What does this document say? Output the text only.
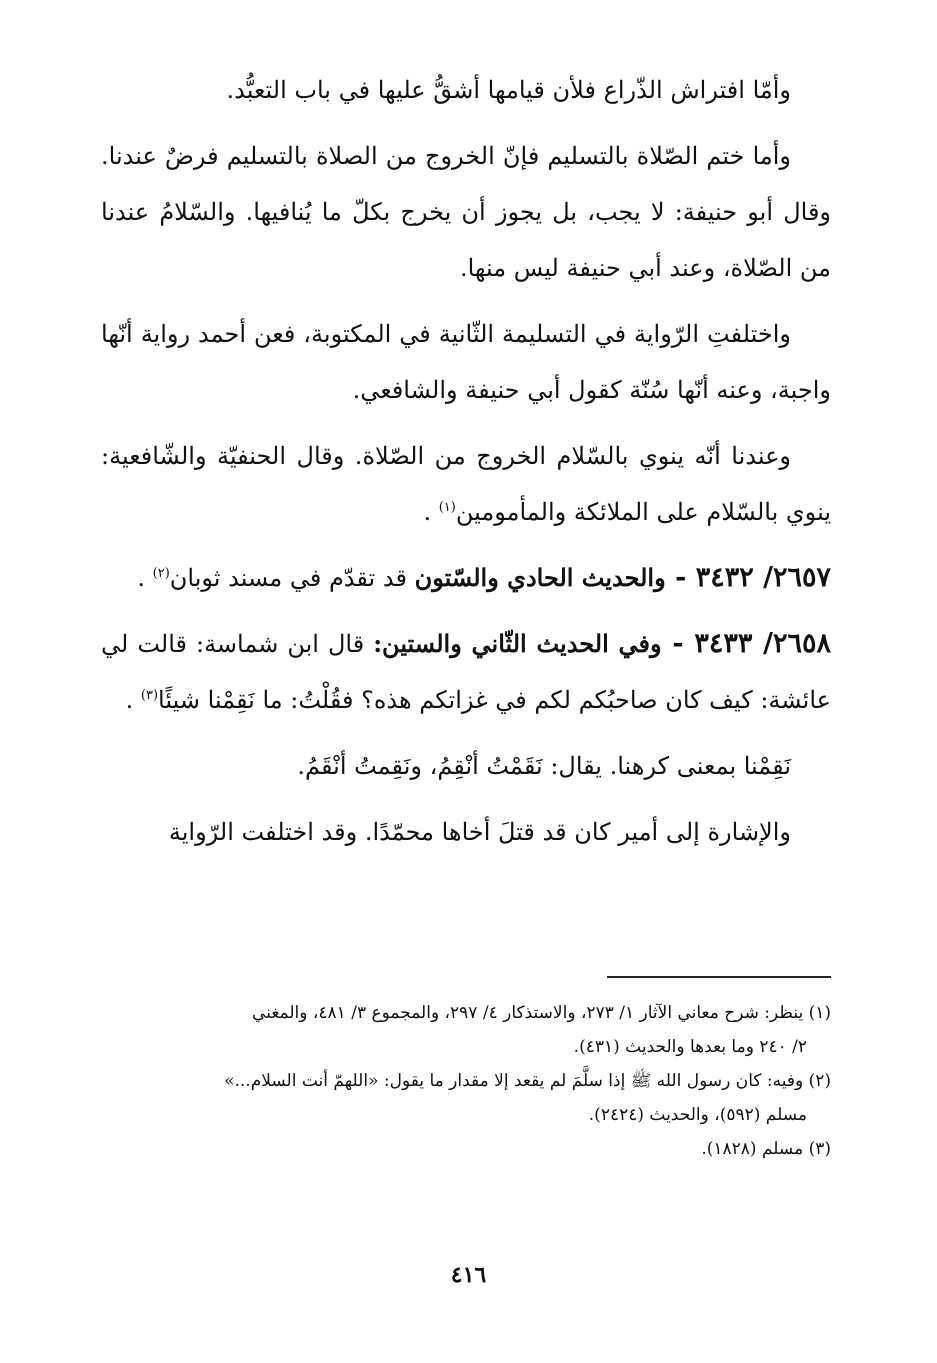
وأمّا افتراش الذّراع فلأن قيامها أشقُّ عليها في باب التعبُّد.

وأما ختم الصّلاة بالتسليم فإنّ الخروج من الصلاة بالتسليم فرضٌ عندنا. وقال أبو حنيفة: لا يجب، بل يجوز أن يخرج بكلّ ما يُنافيها. والسّلامُ عندنا من الصّلاة، وعند أبي حنيفة ليس منها.

واختلفتِ الرّواية في التسليمة الثّانية في المكتوبة، فعن أحمد رواية أنّها واجبة، وعنه أنّها سُنّة كقول أبي حنيفة والشافعي.

وعندنا أنّه ينوي بالسّلام الخروج من الصّلاة. وقال الحنفيّة والشّافعية: ينوي بالسّلام على الملائكة والمأمومين$^{(١)}$ .

٢٦٥٧/ ٣٤٣٢ - والحديث الحادي والسّتون قد تقدّم في مسند ثوبان$^{(٢)}$ .

٢٦٥٨/ ٣٤٣٣ - وفي الحديث الثّاني والستين: قال ابن شماسة: قالت لي عائشة: كيف كان صاحبُكم لكم في غزاتكم هذه؟ فقُلْتُ: ما نَقِمْنا شيئًا$^{(٣)}$ .

نَقِمْنا بمعنى كرهنا. يقال: نَقَمْتُ أنْقِمُ، ونَقِمتُ أنْقَمُ.

والإشارة إلى أمير كان قد قتلَ أخاها محمّدًا. وقد اختلفت الرّواية

(١) ينظر: شرح معاني الآثار ١/ ٢٧٣، والاستذكار ٤/ ٢٩٧، والمجموع ٣/ ٤٨١، والمغني

٢/ ٢٤٠ وما بعدها والحديث (٤٣١).

(٢) وفيه: كان رسول الله ﷺ إذا سلَّمَ لم يقعد إلا مقدار ما يقول: «اللهمّ أنت السلام...»

مسلم (٥٩٢)، والحديث (٢٤٢٤).

(٣) مسلم (١٨٢٨).

٤١٦
